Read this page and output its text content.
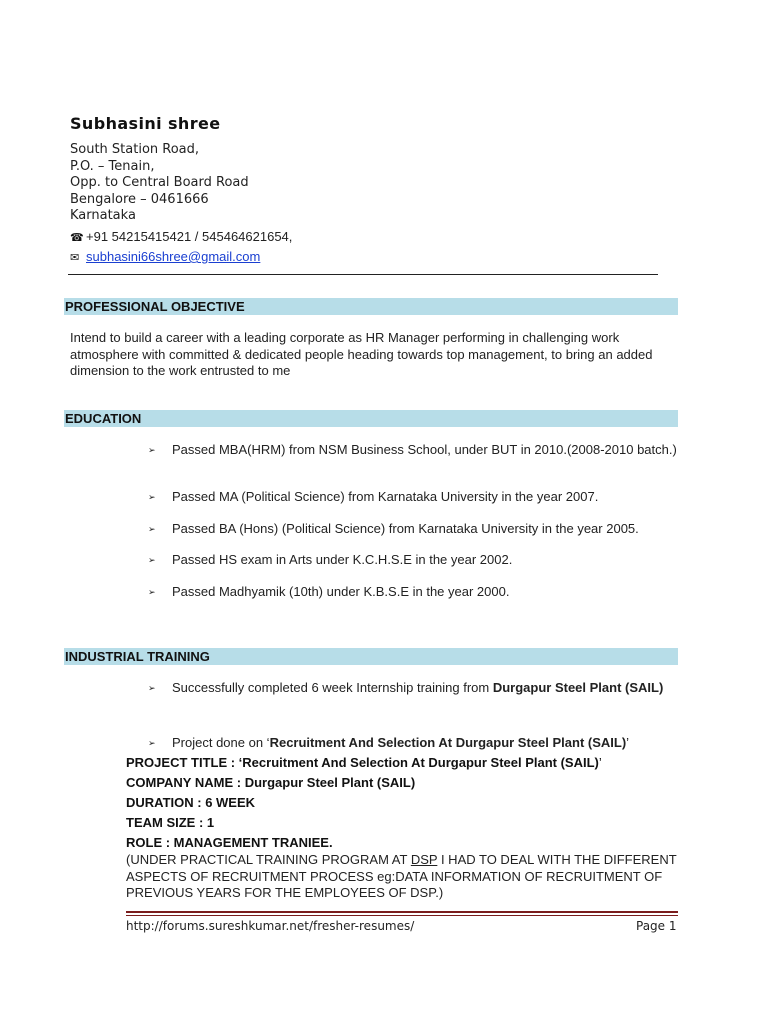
Subhasini shree
South Station Road,
P.O. – Tenain,
Opp. to Central Board Road
Bengalore – 0461666
Karnataka
☎ +91 54215415421 / 545464621654,
✉ subhasini66shree@gmail.com
PROFESSIONAL OBJECTIVE
Intend to build a career with a leading corporate as HR Manager performing in challenging work atmosphere with committed & dedicated people heading towards top management, to bring an added dimension to the work entrusted to me
EDUCATION
➢	Passed MBA(HRM) from NSM Business School, under BUT in 2010.(2008-2010 batch.)
➢	Passed MA (Political Science) from Karnataka University in the year 2007.
➢	Passed BA (Hons) (Political Science) from Karnataka University in the year 2005.
➢	Passed HS exam in Arts under K.C.H.S.E in the year 2002.
➢	Passed Madhyamik (10th) under K.B.S.E in the year 2000.
INDUSTRIAL TRAINING
➢	Successfully completed 6 week Internship training from Durgapur Steel Plant (SAIL)
➢	Project done on ‘Recruitment And Selection At Durgapur Steel Plant (SAIL)’
PROJECT TITLE : ‘Recruitment And Selection At Durgapur Steel Plant (SAIL)’
COMPANY NAME : Durgapur Steel Plant (SAIL)
DURATION : 6 WEEK
TEAM SIZE : 1
ROLE : MANAGEMENT TRANIEE.
(UNDER PRACTICAL TRAINING PROGRAM AT DSP I HAD TO DEAL WITH THE DIFFERENT ASPECTS OF RECRUITMENT PROCESS eg:DATA INFORMATION OF RECRUITMENT OF PREVIOUS YEARS FOR THE EMPLOYEES OF DSP.)
http://forums.sureshkumar.net/fresher-resumes/	Page 1
